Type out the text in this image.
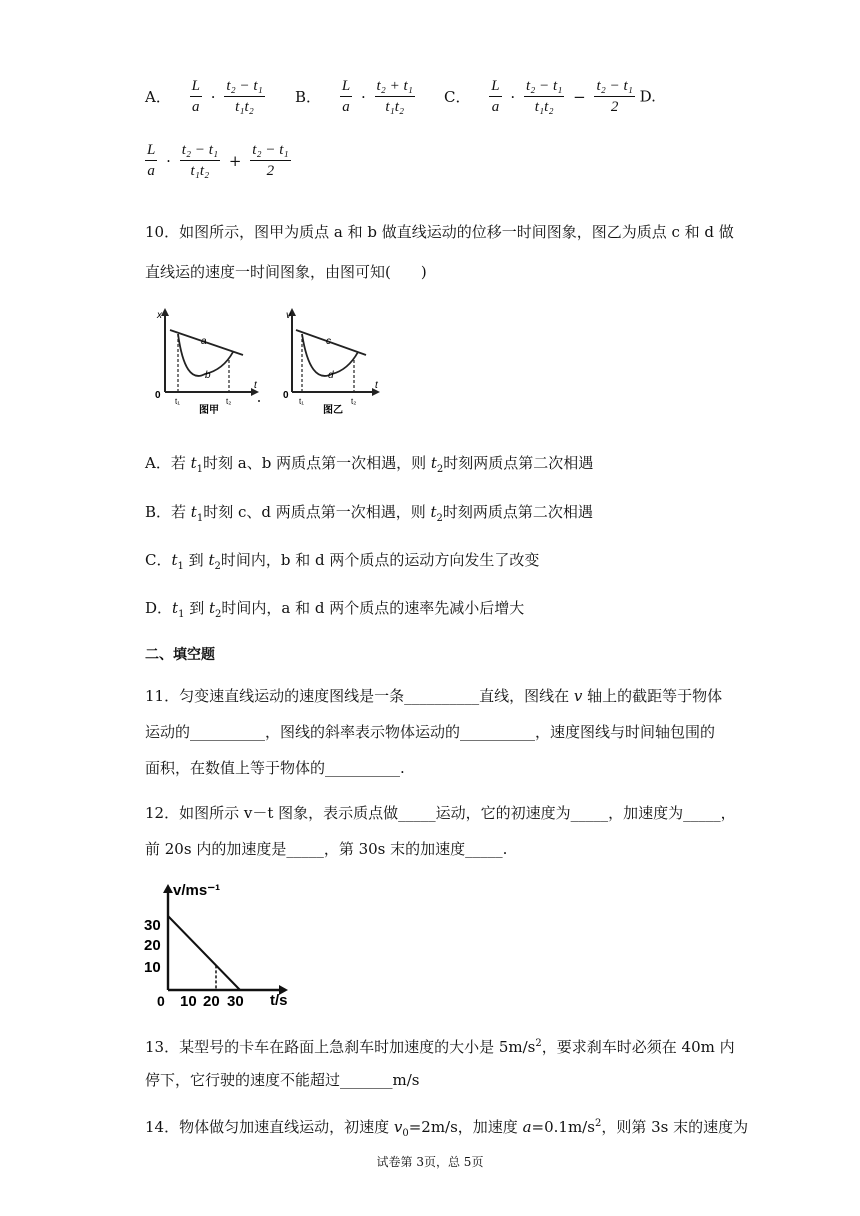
A． $\frac{L}{a} \cdot \frac{\text{t₂ − t₁}}{\text{t₁t₂}}$ B． $\frac{L}{a} \cdot \frac{\text{t₂ + t₁}}{\text{t₁t₂}}$ C． $\frac{L}{a} \cdot \frac{\text{t₂ − t₁}}{\text{t₁t₂}} - \frac{\text{t₂ − t₁}}{2} D$.
$\frac{L}{a} \cdot \frac{\text{t₂ − t₁}}{\text{t₁t₂}} + \frac{\text{t₂ − t₁}}{2}$
10．如图所示，图甲为质点 a 和 b 做直线运动的位移一时间图象，图乙为质点 c 和 d 做
直线运的速度一时间图象，由图可知(　　)
x
0
t₁	t₂
t
a
b
图甲
v
0
t₁	t₂
t
c
d
图乙
A．若 $t_1$时刻 a、b 两质点第一次相遇，则 $t_2$时刻两质点第二次相遇
B．若 $t_1$时刻 c、d 两质点第一次相遇，则 $t_2$时刻两质点第二次相遇
C．$t_1$ 到 $t_2$时间内，b 和 d 两个质点的运动方向发生了改变
D．$t_1$ 到 $t_2$时间内，a 和 d 两个质点的速率先减小后增大
二、填空题
11．匀变速直线运动的速度图线是一条__________直线，图线在 v 轴上的截距等于物体
运动的__________，图线的斜率表示物体运动的__________，速度图线与时间轴包围的
面积，在数值上等于物体的__________.
12．如图所示 v－t 图象，表示质点做_____运动，它的初速度为_____，加速度为_____，
前 20s 内的加速度是_____，第 30s 末的加速度_____.
v/ms⁻¹
t/s
0
30
20
10
10 20 30
13．某型号的卡车在路面上急刹车时加速度的大小是 $5m/s^2$，要求刹车时必须在 40m 内
停下，它行驶的速度不能超过_______m/s
14．物体做匀加速直线运动，初速度 $v_0=2m/s$，加速度 $a=0.1m/s^2$，则第 3s 末的速度为
试卷第 3页，总 5页
